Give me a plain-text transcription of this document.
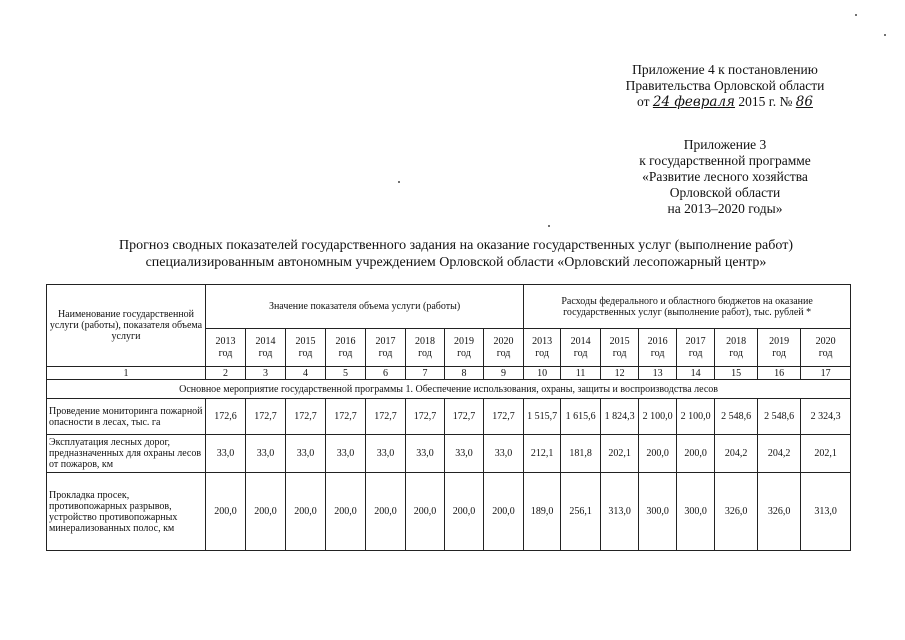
Приложение 4 к постановлению
Правительства Орловской области
от 24 февраля 2015 г. № 86
Приложение 3
к государственной программе
«Развитие лесного хозяйства
Орловской области
на 2013–2020 годы»
Прогноз сводных показателей государственного задания на оказание государственных услуг (выполнение работ)
специализированным автономным учреждением Орловской области «Орловский лесопожарный центр»
Наименование государственной услуги (работы), показателя объема услуги	Значение показателя объема услуги (работы)								Расходы федерального и областного бюджетов на оказание государственных услуг (выполнение работ), тыс. рублей *							
	2013
год	2014
год	2015
год	2016
год	2017
год	2018
год	2019
год	2020
год	2013
год	2014
год	2015
год	2016
год	2017
год	2018
год	2019
год	2020
год
1	2	3	4	5	6	7	8	9	10	11	12	13	14	15	16	17
Основное мероприятие государственной программы 1. Обеспечение использования, охраны, защиты и воспроизводства лесов																
Проведение мониторинга пожарной опасности в лесах, тыс. га	172,6	172,7	172,7	172,7	172,7	172,7	172,7	172,7	1 515,7	1 615,6	1 824,3	2 100,0	2 100,0	2 548,6	2 548,6	2 324,3
Эксплуатация лесных дорог, предназначенных для охраны лесов от пожаров, км	33,0	33,0	33,0	33,0	33,0	33,0	33,0	33,0	212,1	181,8	202,1	200,0	200,0	204,2	204,2	202,1
Прокладка просек, противопожарных разрывов, устройство противопожарных минерализованных полос, км	200,0	200,0	200,0	200,0	200,0	200,0	200,0	200,0	189,0	256,1	313,0	300,0	300,0	326,0	326,0	313,0
